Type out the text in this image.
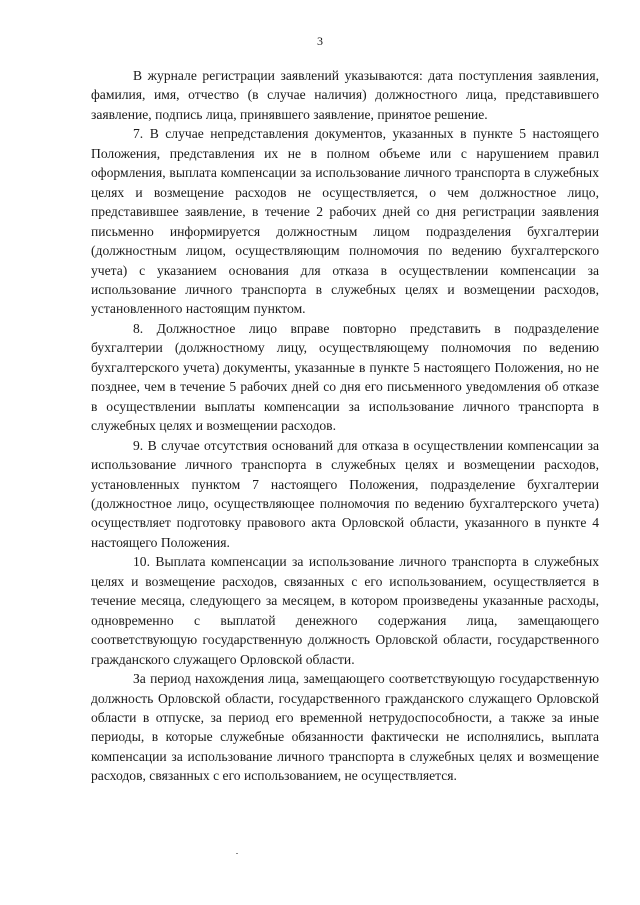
3

В журнале регистрации заявлений указываются: дата поступления заявления, фамилия, имя, отчество (в случае наличия) должностного лица, представившего заявление, подпись лица, принявшего заявление, принятое решение.

7. В случае непредставления документов, указанных в пункте 5 настоящего Положения, представления их не в полном объеме или с нарушением правил оформления, выплата компенсации за использование личного транспорта в служебных целях и возмещение расходов не осуществляется, о чем должностное лицо, представившее заявление, в течение 2 рабочих дней со дня регистрации заявления письменно информируется должностным лицом подразделения бухгалтерии (должностным лицом, осуществляющим полномочия по ведению бухгалтерского учета) с указанием основания для отказа в осуществлении компенсации за использование личного транспорта в служебных целях и возмещении расходов, установленного настоящим пунктом.

8. Должностное лицо вправе повторно представить в подразделение бухгалтерии (должностному лицу, осуществляющему полномочия по ведению бухгалтерского учета) документы, указанные в пункте 5 настоящего Положения, но не позднее, чем в течение 5 рабочих дней со дня его письменного уведомления об отказе в осуществлении выплаты компенсации за использование личного транспорта в служебных целях и возмещении расходов.

9. В случае отсутствия оснований для отказа в осуществлении компенсации за использование личного транспорта в служебных целях и возмещении расходов, установленных пунктом 7 настоящего Положения, подразделение бухгалтерии (должностное лицо, осуществляющее полномочия по ведению бухгалтерского учета) осуществляет подготовку правового акта Орловской области, указанного в пункте 4 настоящего Положения.

10. Выплата компенсации за использование личного транспорта в служебных целях и возмещение расходов, связанных с его использованием, осуществляется в течение месяца, следующего за месяцем, в котором произведены указанные расходы, одновременно с выплатой денежного содержания лица, замещающего соответствующую государственную должность Орловской области, государственного гражданского служащего Орловской области.

За период нахождения лица, замещающего соответствующую государственную должность Орловской области, государственного гражданского служащего Орловской области в отпуске, за период его временной нетрудоспособности, а также за иные периоды, в которые служебные обязанности фактически не исполнялись, выплата компенсации за использование личного транспорта в служебных целях и возмещение расходов, связанных с его использованием, не осуществляется.
